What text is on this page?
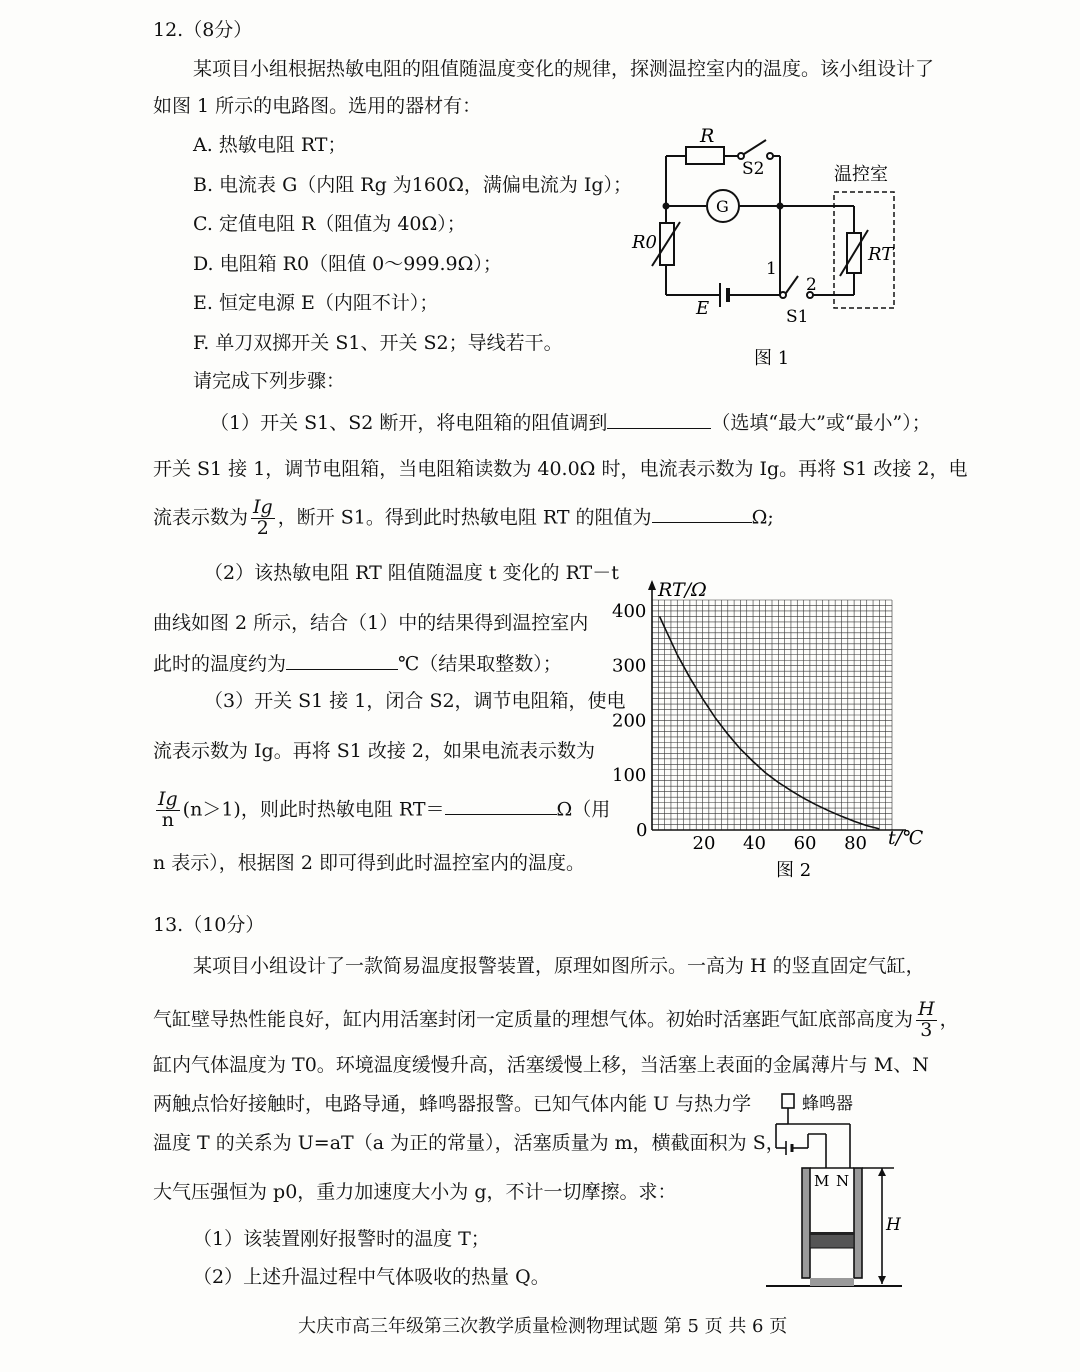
12.（8分）
某项目小组根据热敏电阻的阻值随温度变化的规律，探测温控室内的温度。该小组设计了
如图 1 所示的电路图。选用的器材有：
A. 热敏电阻 RT；
B. 电流表 G（内阻 Rg 为160Ω，满偏电流为 Ig）；
C. 定值电阻 R（阻值为 40Ω）；
D. 电阻箱 R0（阻值 0～999.9Ω）；
E. 恒定电源 E（内阻不计）；
F. 单刀双掷开关 S1、开关 S2；导线若干。
请完成下列步骤：
R
S2
G
R0
RT
温控室
E	S1
1
2
图 1
（1）开关 S1、S2 断开，将电阻箱的阻值调到	（选填“最大”或“最小”）；
开关 S1 接 1，调节电阻箱，当电阻箱读数为 40.0Ω 时，电流表示数为 Ig。再将 S1 改接 2，电
流表示数为 $\frac{Ig}{2}$ ，断开 S1。得到此时热敏电阻 RT 的阻值为	Ω;
（2）该热敏电阻 RT 阻值随温度 t 变化的 RT－t
曲线如图 2 所示，结合（1）中的结果得到温控室内
此时的温度约为	℃（结果取整数）；
（3）开关 S1 接 1，闭合 S2，调节电阻箱，使电
流表示数为 Ig。再将 S1 改接 2，如果电流表示数为
$\frac{Ig}{n} (n>1)$，则此时热敏电阻 RT＝	Ω（用
n 表示），根据图 2 即可得到此时温控室内的温度。
20 40 60 80
0
100
200
300
400
RT/Ω
t/℃
图 2
13.（10分）
某项目小组设计了一款简易温度报警装置，原理如图所示。一高为 H 的竖直固定气缸，
气缸壁导热性能良好，缸内用活塞封闭一定质量的理想气体。初始时活塞距气缸底部高度为 $\frac{H}{3}$ ，
缸内气体温度为 T0。环境温度缓慢升高，活塞缓慢上移，当活塞上表面的金属薄片与 M、N
两触点恰好接触时，电路导通，蜂鸣器报警。已知气体内能 U 与热力学
温度 T 的关系为 U=aT（a 为正的常量），活塞质量为 m，横截面积为 S，
大气压强恒为 p0，重力加速度大小为 g，不计一切摩擦。求：
（1）该装置刚好报警时的温度 T；
（2）上述升温过程中气体吸收的热量 Q。
蜂鸣器
M N
H
大庆市高三年级第三次教学质量检测物理试题 第 5 页 共 6 页
